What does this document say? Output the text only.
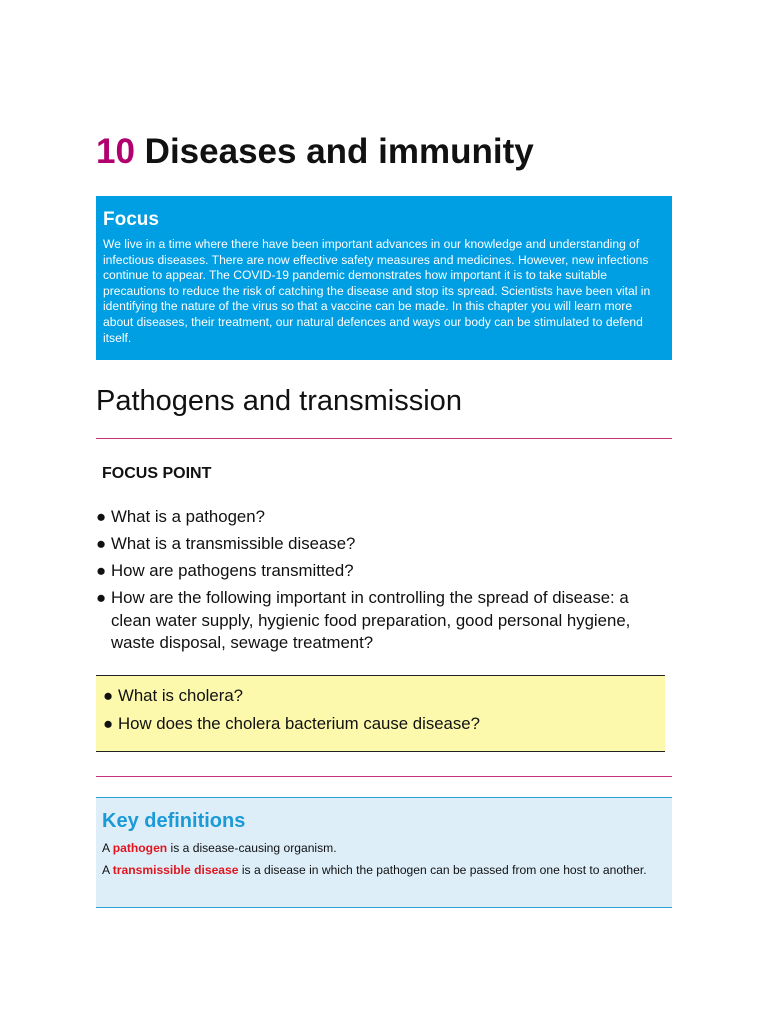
10 Diseases and immunity

Focus

We live in a time where there have been important advances in our knowledge and understanding of infectious diseases. There are now effective safety measures and medicines. However, new infections continue to appear. The COVID-19 pandemic demonstrates how important it is to take suitable precautions to reduce the risk of catching the disease and stop its spread. Scientists have been vital in identifying the nature of the virus so that a vaccine can be made. In this chapter you will learn more about diseases, their treatment, our natural defences and ways our body can be stimulated to defend itself.

Pathogens and transmission

FOCUS POINT

● What is a pathogen?
● What is a transmissible disease?
● How are pathogens transmitted?
● How are the following important in controlling the spread of disease: a clean water supply, hygienic food preparation, good personal hygiene, waste disposal, sewage treatment?
● What is cholera?
● How does the cholera bacterium cause disease?

Key definitions

A pathogen is a disease-causing organism.

A transmissible disease is a disease in which the pathogen can be passed from one host to another.
